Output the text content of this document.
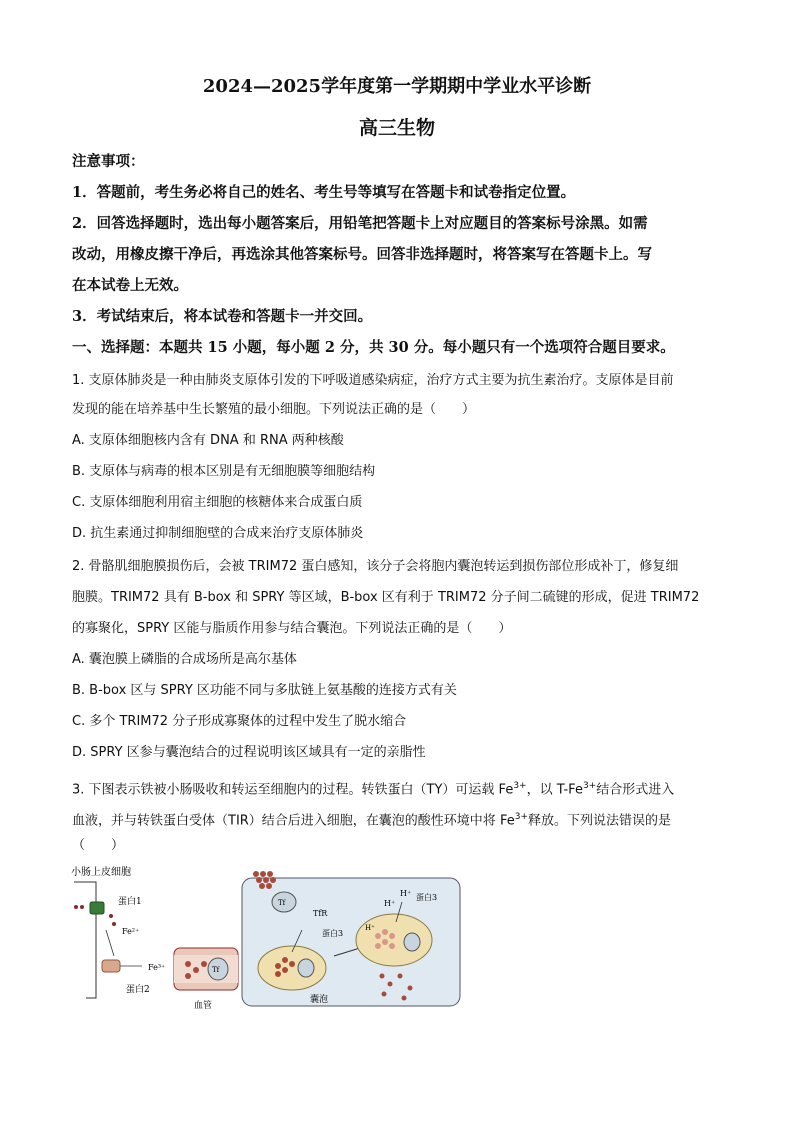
2024—2025学年度第一学期期中学业水平诊断
高三生物
注意事项：
1．答题前，考生务必将自己的姓名、考生号等填写在答题卡和试卷指定位置。
2．回答选择题时，选出每小题答案后，用铅笔把答题卡上对应题目的答案标号涂黑。如需
改动，用橡皮擦干净后，再选涂其他答案标号。回答非选择题时，将答案写在答题卡上。写
在本试卷上无效。
3．考试结束后，将本试卷和答题卡一并交回。
一、选择题：本题共 15 小题，每小题 2 分，共 30 分。每小题只有一个选项符合题目要求。
1. 支原体肺炎是一种由肺炎支原体引发的下呼吸道感染病症，治疗方式主要为抗生素治疗。支原体是目前
发现的能在培养基中生长繁殖的最小细胞。下列说法正确的是（　　）
A. 支原体细胞核内含有 DNA 和 RNA 两种核酸
B. 支原体与病毒的根本区别是有无细胞膜等细胞结构
C. 支原体细胞利用宿主细胞的核糖体来合成蛋白质
D. 抗生素通过抑制细胞壁的合成来治疗支原体肺炎
2. 骨骼肌细胞膜损伤后，会被 TRIM72 蛋白感知，该分子会将胞内囊泡转运到损伤部位形成补丁，修复细
胞膜。TRIM72 具有 B-box 和 SPRY 等区域，B-box 区有利于 TRIM72 分子间二硫键的形成，促进 TRIM72
的寡聚化，SPRY 区能与脂质作用参与结合囊泡。下列说法正确的是（　　）
A. 囊泡膜上磷脂的合成场所是高尔基体
B. B-box 区与 SPRY 区功能不同与多肽链上氨基酸的连接方式有关
C. 多个 TRIM72 分子形成寡聚体的过程中发生了脱水缩合
D. SPRY 区参与囊泡结合的过程说明该区域具有一定的亲脂性
3. 下图表示铁被小肠吸收和转运至细胞内的过程。转铁蛋白（TY）可运载 $Fe^{3+}$，以 $T-Fe^{3+}$结合形式进入
血液，并与转铁蛋白受体（TIR）结合后进入细胞，在囊泡的酸性环境中将 $Fe^{3+}$释放。下列说法错误的是
（　　）
小肠上皮细胞
蛋白1
Fe²⁺
蛋白2
Fe³⁺	Tf
血管
Tf
TfR
蛋白3
囊泡
H⁺
H⁺
H⁺ 蛋白3
